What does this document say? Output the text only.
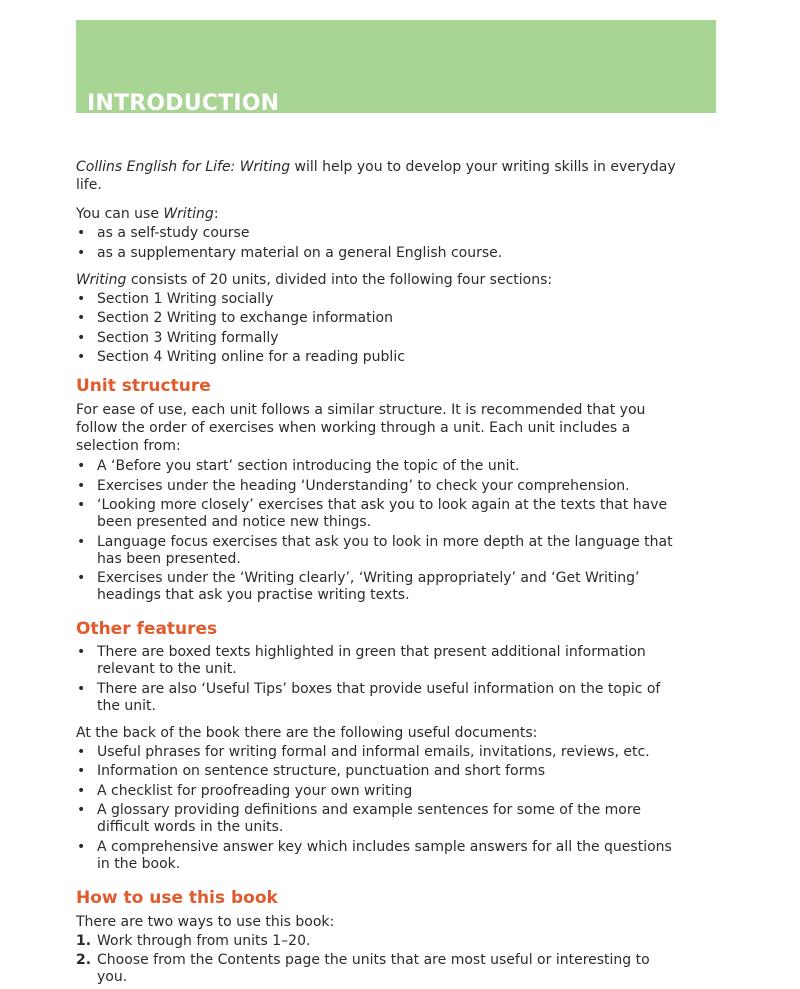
INTRODUCTION

Collins English for Life: Writing will help you to develop your writing skills in everyday life.

You can use Writing:

• as a self-study course
• as a supplementary material on a general English course.

Writing consists of 20 units, divided into the following four sections:

• Section 1 Writing socially
• Section 2 Writing to exchange information
• Section 3 Writing formally
• Section 4 Writing online for a reading public
Unit structure

For ease of use, each unit follows a similar structure. It is recommended that you follow the order of exercises when working through a unit. Each unit includes a selection from:

• A ‘Before you start’ section introducing the topic of the unit.
• Exercises under the heading ‘Understanding’ to check your comprehension.
• ‘Looking more closely’ exercises that ask you to look again at the texts that have been presented and notice new things.
• Language focus exercises that ask you to look in more depth at the language that has been presented.
• Exercises under the ‘Writing clearly’, ‘Writing appropriately’ and ‘Get Writing’ headings that ask you practise writing texts.
Other features
• There are boxed texts highlighted in green that present additional information relevant to the unit.
• There are also ‘Useful Tips’ boxes that provide useful information on the topic of the unit.

At the back of the book there are the following useful documents:

• Useful phrases for writing formal and informal emails, invitations, reviews, etc.
• Information on sentence structure, punctuation and short forms
• A checklist for proofreading your own writing
• A glossary providing definitions and example sentences for some of the more difficult words in the units.
• A comprehensive answer key which includes sample answers for all the questions in the book.
How to use this book

There are two ways to use this book:

1. Work through from units 1–20.
2. Choose from the Contents page the units that are most useful or interesting to you.
